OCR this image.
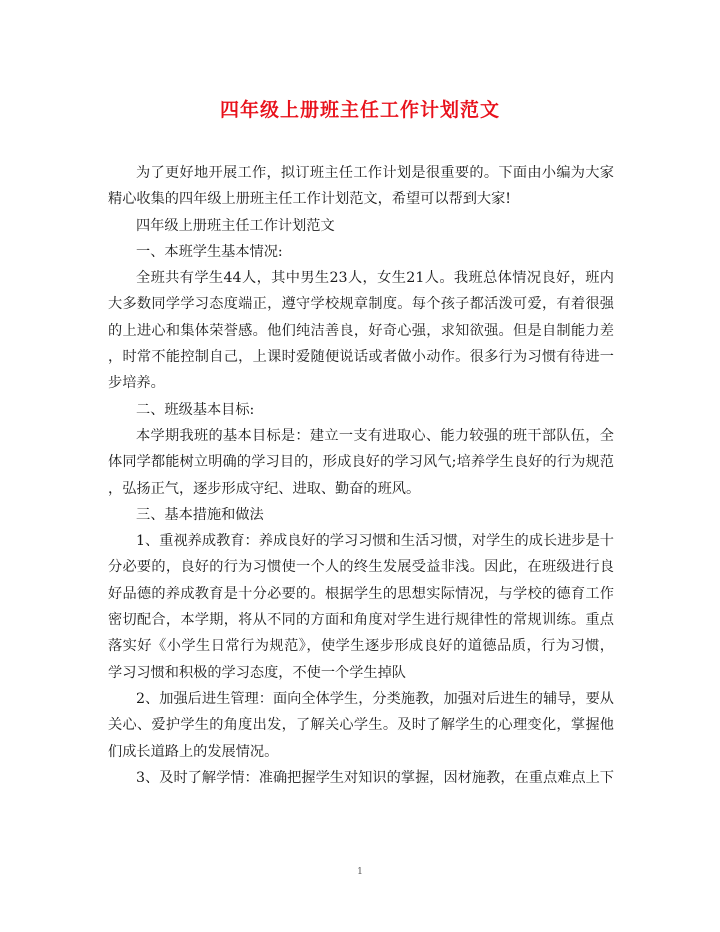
四年级上册班主任工作计划范文
为了更好地开展工作，拟订班主任工作计划是很重要的。下面由小编为大家
精心收集的四年级上册班主任工作计划范文，希望可以帮到大家!
四年级上册班主任工作计划范文
一、本班学生基本情况:
全班共有学生44人，其中男生23人，女生21人。我班总体情况良好，班内
大多数同学学习态度端正，遵守学校规章制度。每个孩子都活泼可爱，有着很强
的上进心和集体荣誉感。他们纯洁善良，好奇心强，求知欲强。但是自制能力差
，时常不能控制自己，上课时爱随便说话或者做小动作。很多行为习惯有待进一
步培养。
二、班级基本目标:
本学期我班的基本目标是：建立一支有进取心、能力较强的班干部队伍，全
体同学都能树立明确的学习目的，形成良好的学习风气;培养学生良好的行为规范
，弘扬正气，逐步形成守纪、进取、勤奋的班风。
三、基本措施和做法
1、重视养成教育：养成良好的学习习惯和生活习惯，对学生的成长进步是十
分必要的，良好的行为习惯使一个人的终生发展受益非浅。因此，在班级进行良
好品德的养成教育是十分必要的。根据学生的思想实际情况，与学校的德育工作
密切配合，本学期，将从不同的方面和角度对学生进行规律性的常规训练。重点
落实好《小学生日常行为规范》，使学生逐步形成良好的道德品质，行为习惯，
学习习惯和积极的学习态度，不使一个学生掉队
2、加强后进生管理：面向全体学生，分类施教，加强对后进生的辅导，要从
关心、爱护学生的角度出发，了解关心学生。及时了解学生的心理变化，掌握他
们成长道路上的发展情况。
3、及时了解学情：准确把握学生对知识的掌握，因材施教，在重点难点上下
1
